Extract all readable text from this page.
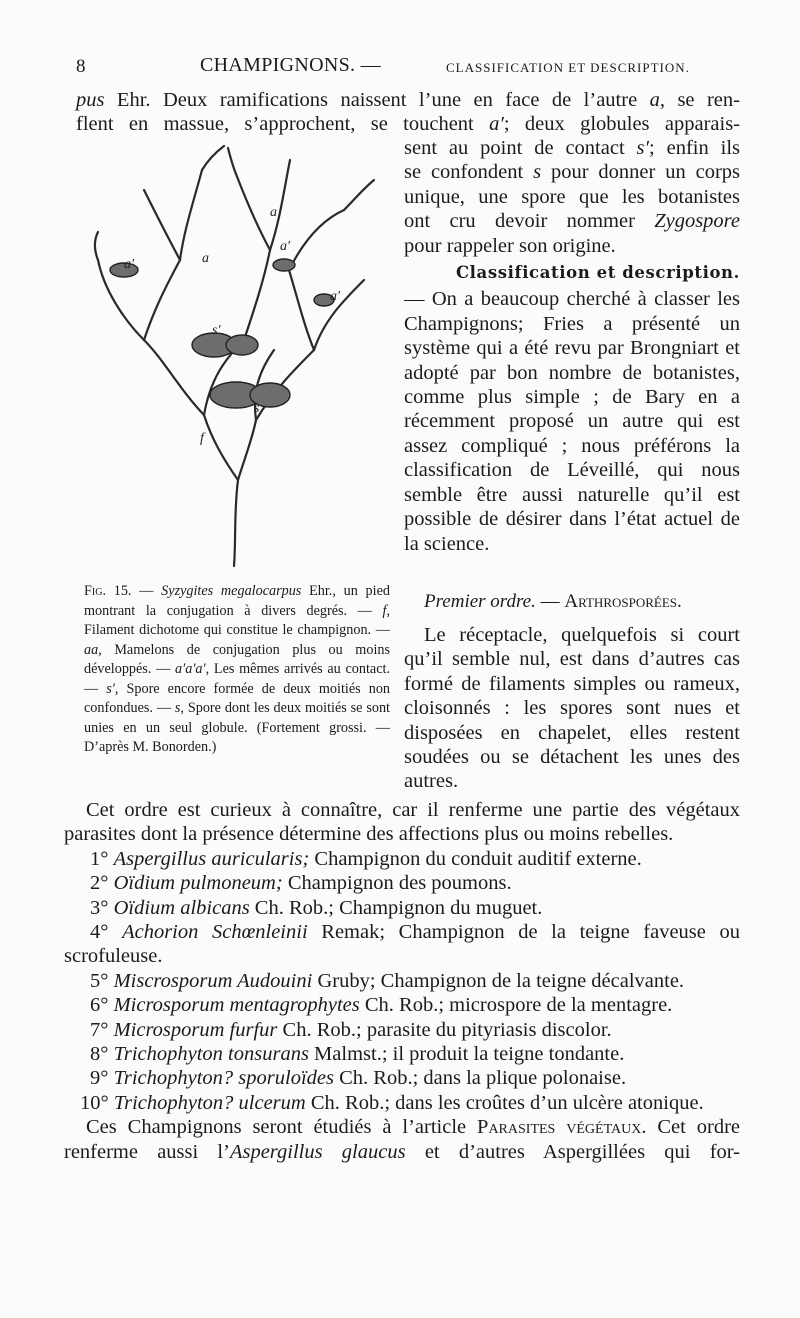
8	CHAMPIGNONS. —	CLASSIFICATION ET DESCRIPTION.
pus Ehr. Deux ramifications naissent l’une en face de l’autre a, se ren-
flent en massue, s’approchent, se touchent a′; deux globules apparais-
sent au point de contact s′; enfin ils
se confondent s pour donner un corps
unique, une spore que les botanistes
ont cru devoir nommer Zygospore
pour rappeler son origine.
Classification et description.

— On a beaucoup cherché à classer les Champignons; Fries a présenté un système qui a été revu par Brongniart et adopté par bon nombre de botanistes, comme plus simple ; de Bary en a récemment proposé un autre qui est assez compliqué ; nous préférons la classification de Léveillé, qui nous semble être aussi naturelle qu’il est possible de désirer dans l’état actuel de la science.

a
a
a′
a′
a′
s′
s
f
Fig. 15. — Syzygites megalocarpus Ehr., un pied montrant la conjugation à divers degrés. — f, Filament dichotome qui constitue le champignon. — aa, Mamelons de conjugation plus ou moins développés. — a′a′a′, Les mêmes arrivés au contact. — s′, Spore encore formée de deux moitiés non confondues. — s, Spore dont les deux moitiés se sont unies en un seul globule. (Fortement grossi. — D’après M. Bonorden.)
Premier ordre. — Arthrosporées.

Le réceptacle, quelquefois si court qu’il semble nul, est dans d’autres cas formé de filaments simples ou rameux, cloisonnés : les spores sont nues et disposées en chapelet, elles restent soudées ou se détachent les unes des autres.

Cet ordre est curieux à connaître, car il renferme une partie des végétaux parasites dont la présence détermine des affections plus ou moins rebelles.

1° Aspergillus auricularis; Champignon du conduit auditif externe.
2° Oïdium pulmoneum; Champignon des poumons.
3° Oïdium albicans Ch. Rob.; Champignon du muguet.
4° Achorion Schœnleinii Remak; Champignon de la teigne faveuse ou scrofuleuse.
5° Miscrosporum Audouini Gruby; Champignon de la teigne décalvante.
6° Microsporum mentagrophytes Ch. Rob.; microspore de la mentagre.
7° Microsporum furfur Ch. Rob.; parasite du pityriasis discolor.
8° Trichophyton tonsurans Malmst.; il produit la teigne tondante.
9° Trichophyton? sporuloïdes Ch. Rob.; dans la plique polonaise.
10° Trichophyton? ulcerum Ch. Rob.; dans les croûtes d’un ulcère atonique.

Ces Champignons seront étudiés à l’article Parasites végétaux. Cet ordre renferme aussi l’Aspergillus glaucus et d’autres Aspergillées qui for-
